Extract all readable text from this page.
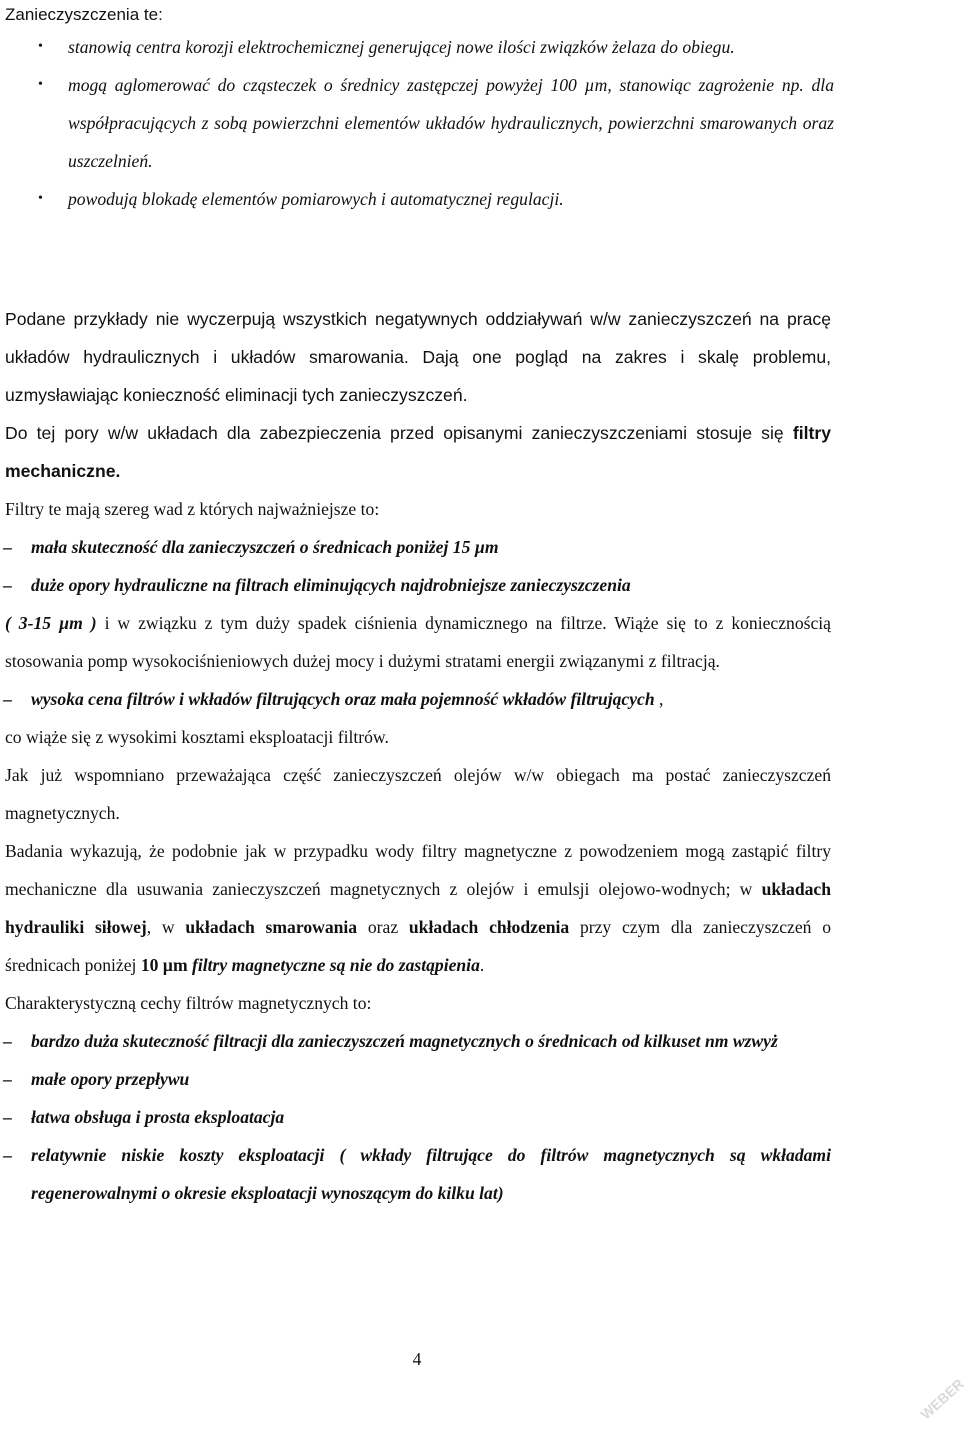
Zanieczyszczenia te:
• stanowią centra korozji elektrochemicznej generującej nowe ilości związków żelaza do obiegu.
• mogą aglomerować do cząsteczek o średnicy zastępczej powyżej 100 µm, stanowiąc zagrożenie np. dla współpracujących z sobą powierzchni elementów układów hydraulicznych, powierzchni smarowanych oraz uszczelnień.
• powodują blokadę elementów pomiarowych i automatycznej regulacji.

Podane przykłady nie wyczerpują wszystkich negatywnych oddziaływań w/w zanieczyszczeń na pracę układów hydraulicznych i układów smarowania. Dają one pogląd na zakres i skalę problemu, uzmysławiając konieczność eliminacji tych zanieczyszczeń.

Do tej pory w/w układach dla zabezpieczenia przed opisanymi zanieczyszczeniami stosuje się filtry mechaniczne.

Filtry te mają szereg wad z których najważniejsze to:

– mała skuteczność dla zanieczyszczeń o średnicach poniżej 15 µm

– duże opory hydrauliczne na filtrach eliminujących najdrobniejsze zanieczyszczenia

( 3-15 µm ) i w związku z tym duży spadek ciśnienia dynamicznego na filtrze. Wiąże się to z koniecznością stosowania pomp wysokociśnieniowych dużej mocy i dużymi stratami energii związanymi z filtracją.

– wysoka cena filtrów i wkładów filtrujących oraz mała pojemność wkładów filtrujących ,

co wiąże się z wysokimi kosztami eksploatacji filtrów.

Jak już wspomniano przeważająca część zanieczyszczeń olejów w/w obiegach ma postać zanieczyszczeń magnetycznych.

Badania wykazują, że podobnie jak w przypadku wody filtry magnetyczne z powodzeniem mogą zastąpić filtry mechaniczne dla usuwania zanieczyszczeń magnetycznych z olejów i emulsji olejowo-wodnych; w układach hydrauliki siłowej, w układach smarowania oraz układach chłodzenia przy czym dla zanieczyszczeń o średnicach poniżej 10 µm filtry magnetyczne są nie do zastąpienia.

Charakterystyczną cechy filtrów magnetycznych to:

– bardzo duża skuteczność filtracji dla zanieczyszczeń magnetycznych o średnicach od kilkuset nm wzwyż

– małe opory przepływu

– łatwa obsługa i prosta eksploatacja

– relatywnie niskie koszty eksploatacji ( wkłady filtrujące do filtrów magnetycznych są wkładami regenerowalnymi o okresie eksploatacji wynoszącym do kilku lat)

4
WEBER
